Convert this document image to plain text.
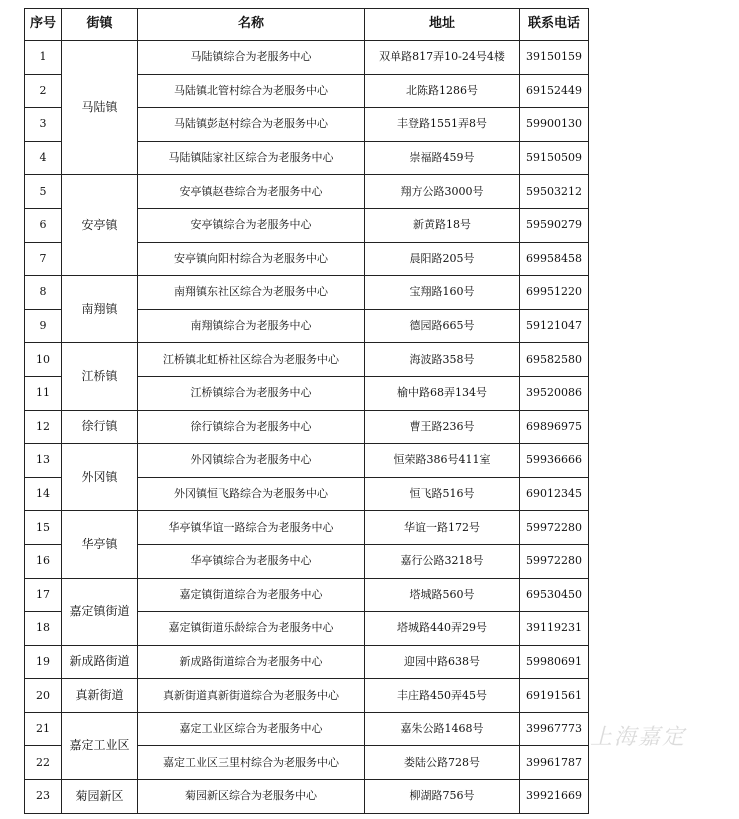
序号	街镇	名称	地址	联系电话
1	马陆镇	马陆镇综合为老服务中心	双单路817弄10-24号4楼	39150159
2		马陆镇北管村综合为老服务中心	北陈路1286号	69152449
3		马陆镇彭赵村综合为老服务中心	丰登路1551弄8号	59900130
4		马陆镇陆家社区综合为老服务中心	崇福路459号	59150509
5	安亭镇	安亭镇赵巷综合为老服务中心	翔方公路3000号	59503212
6		安亭镇综合为老服务中心	新黄路18号	59590279
7		安亭镇向阳村综合为老服务中心	晨阳路205号	69958458
8	南翔镇	南翔镇东社区综合为老服务中心	宝翔路160号	69951220
9		南翔镇综合为老服务中心	德园路665号	59121047
10	江桥镇	江桥镇北虹桥社区综合为老服务中心	海波路358号	69582580
11		江桥镇综合为老服务中心	榆中路68弄134号	39520086
12	徐行镇	徐行镇综合为老服务中心	曹王路236号	69896975
13	外冈镇	外冈镇综合为老服务中心	恒荣路386号411室	59936666
14		外冈镇恒飞路综合为老服务中心	恒飞路516号	69012345
15	华亭镇	华亭镇华谊一路综合为老服务中心	华谊一路172号	59972280
16		华亭镇综合为老服务中心	嘉行公路3218号	59972280
17	嘉定镇街道	嘉定镇街道综合为老服务中心	塔城路560号	69530450
18		嘉定镇街道乐龄综合为老服务中心	塔城路440弄29号	39119231
19	新成路街道	新成路街道综合为老服务中心	迎园中路638号	59980691
20	真新街道	真新街道真新街道综合为老服务中心	丰庄路450弄45号	69191561
21	嘉定工业区	嘉定工业区综合为老服务中心	嘉朱公路1468号	39967773
22		嘉定工业区三里村综合为老服务中心	娄陆公路728号	39961787
23	菊园新区	菊园新区综合为老服务中心	柳湖路756号	39921669
上海嘉定
